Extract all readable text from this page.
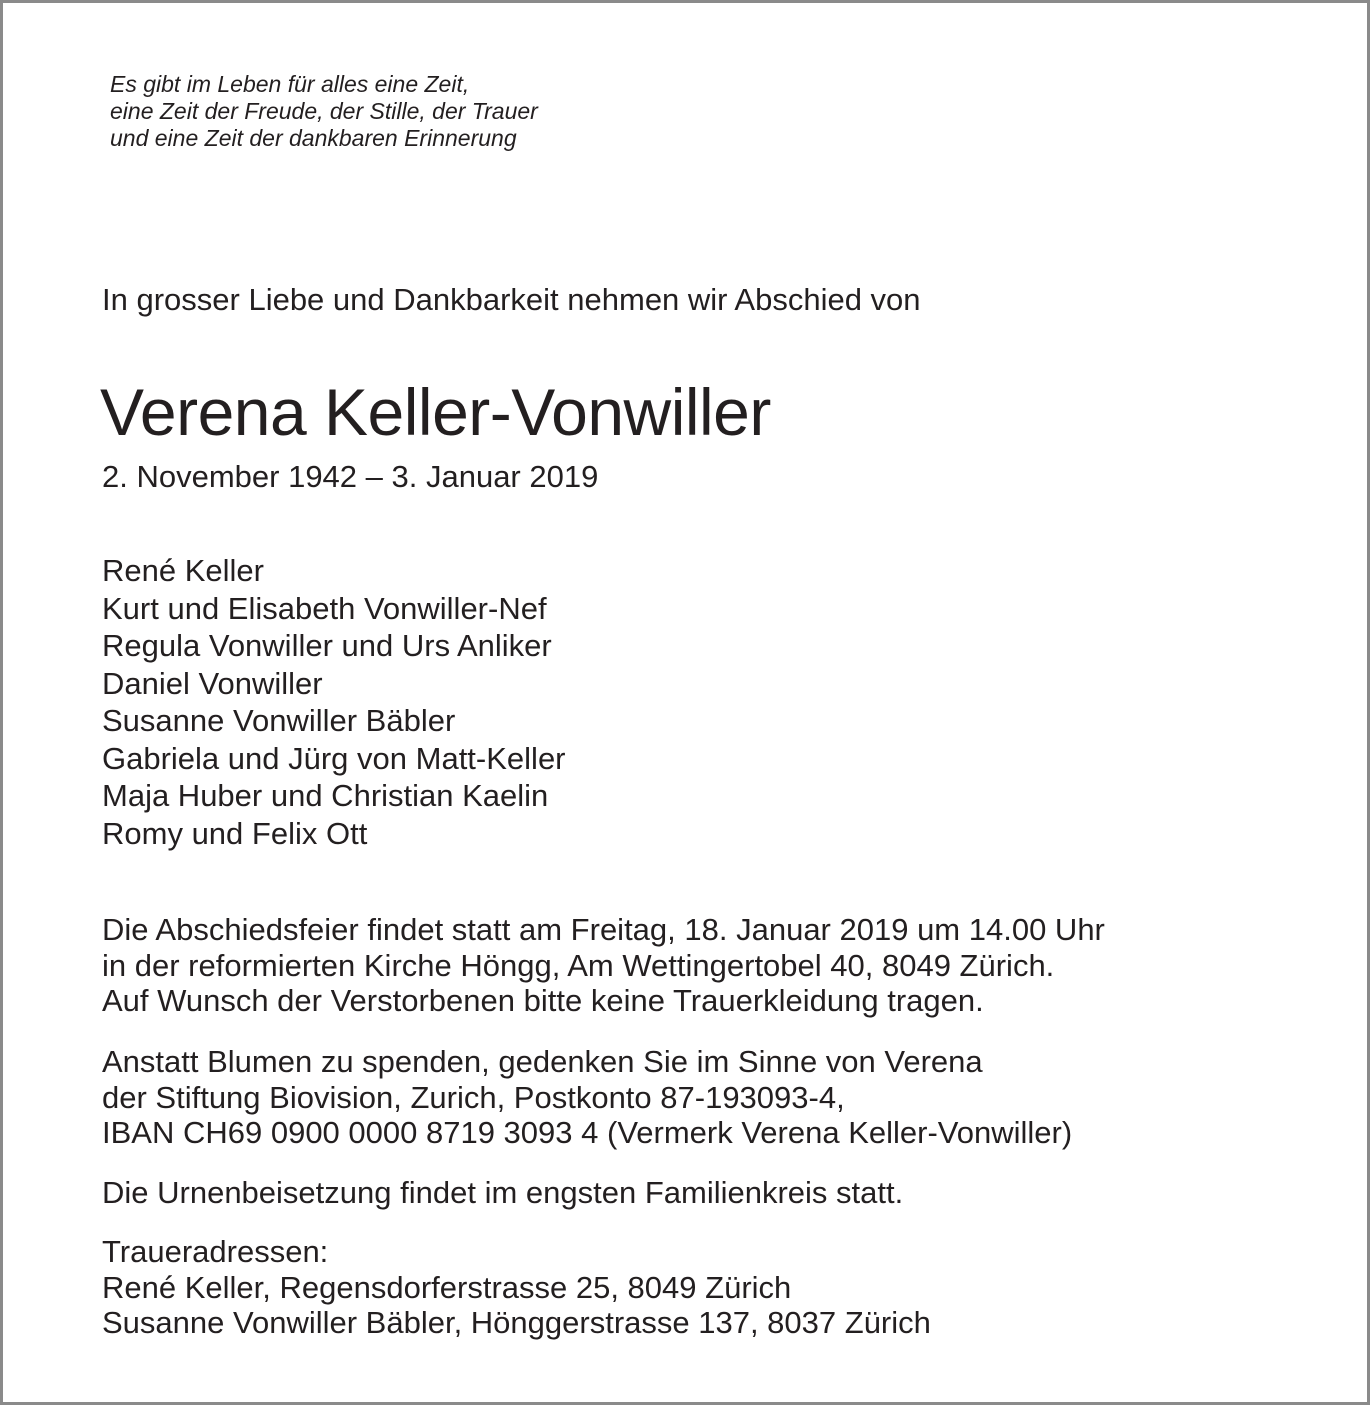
Es gibt im Leben für alles eine Zeit,
eine Zeit der Freude, der Stille, der Trauer
und eine Zeit der dankbaren Erinnerung
In grosser Liebe und Dankbarkeit nehmen wir Abschied von
Verena Keller-Vonwiller
2. November 1942 – 3. Januar 2019
René Keller
Kurt und Elisabeth Vonwiller-Nef
Regula Vonwiller und Urs Anliker
Daniel Vonwiller
Susanne Vonwiller Bäbler
Gabriela und Jürg von Matt-Keller
Maja Huber und Christian Kaelin
Romy und Felix Ott
Die Abschiedsfeier findet statt am Freitag, 18. Januar 2019 um 14.00 Uhr
in der reformierten Kirche Höngg, Am Wettingertobel 40, 8049 Zürich.
Auf Wunsch der Verstorbenen bitte keine Trauerkleidung tragen.
Anstatt Blumen zu spenden, gedenken Sie im Sinne von Verena
der Stiftung Biovision, Zurich, Postkonto 87-193093-4,
IBAN CH69 0900 0000 8719 3093 4 (Vermerk Verena Keller-Vonwiller)
Die Urnenbeisetzung findet im engsten Familienkreis statt.
Traueradressen:
René Keller, Regensdorferstrasse 25, 8049 Zürich
Susanne Vonwiller Bäbler, Hönggerstrasse 137, 8037 Zürich
